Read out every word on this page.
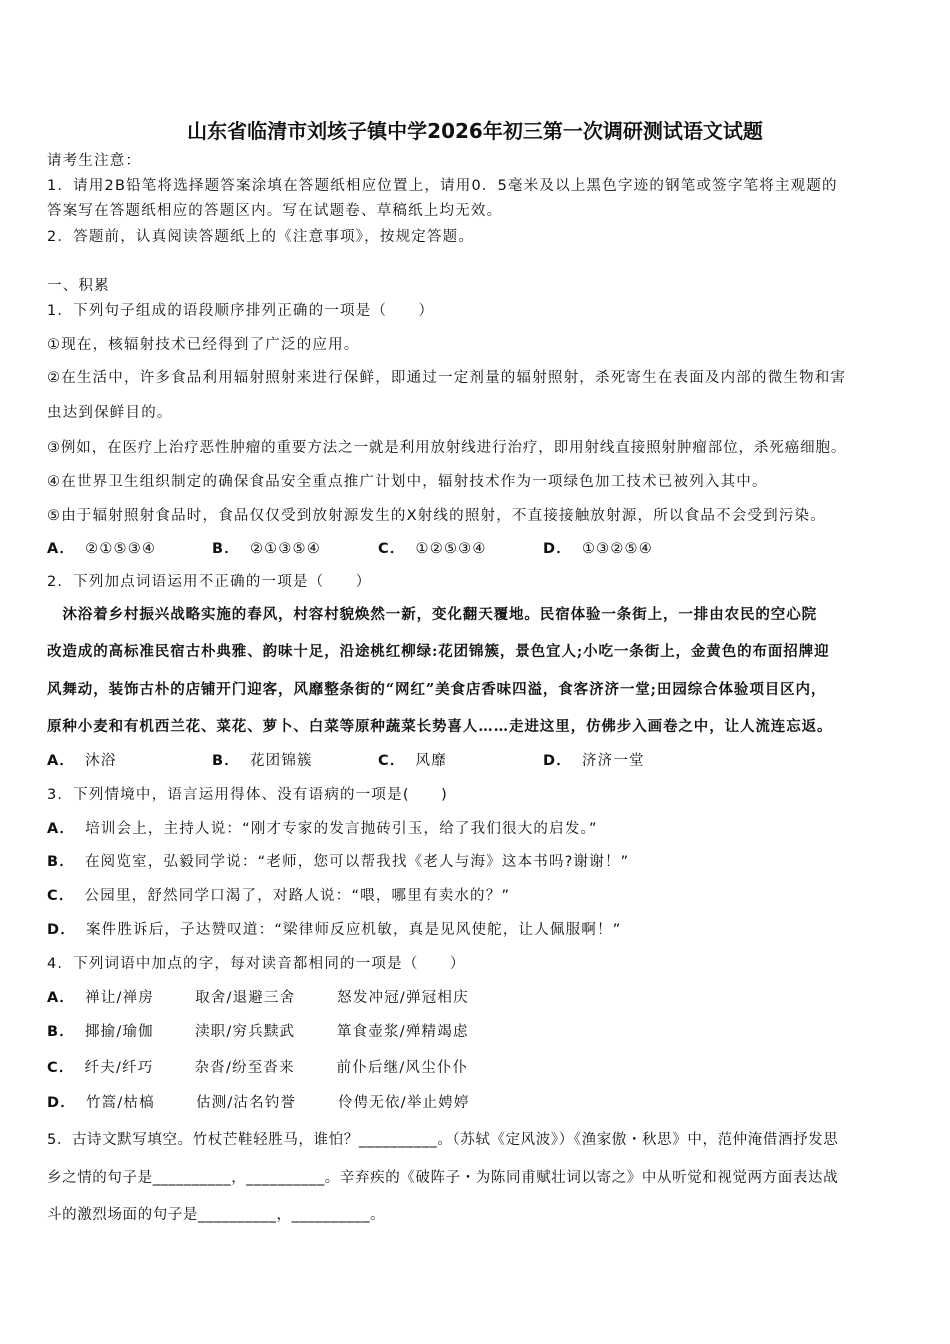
山东省临清市刘垓子镇中学2026年初三第一次调研测试语文试题
请考生注意：
1．请用2B铅笔将选择题答案涂填在答题纸相应位置上，请用0．5毫米及以上黑色字迹的钢笔或签字笔将主观题的
答案写在答题纸相应的答题区内。写在试题卷、草稿纸上均无效。
2．答题前，认真阅读答题纸上的《注意事项》，按规定答题。
一、积累
1．下列句子组成的语段顺序排列正确的一项是（　　）
①现在，核辐射技术已经得到了广泛的应用。
②在生活中，许多食品利用辐射照射来进行保鲜，即通过一定剂量的辐射照射，杀死寄生在表面及内部的微生物和害
虫达到保鲜目的。
③例如，在医疗上治疗恶性肿瘤的重要方法之一就是利用放射线进行治疗，即用射线直接照射肿瘤部位，杀死癌细胞。
④在世界卫生组织制定的确保食品安全重点推广计划中，辐射技术作为一项绿色加工技术已被列入其中。
⑤由于辐射照射食品时，食品仅仅受到放射源发生的X射线的照射，不直接接触放射源，所以食品不会受到污染。
A． ②①⑤③④	B． ②①③⑤④	C． ①②⑤③④	D． ①③②⑤④
2．下列加点词语运用不正确的一项是（　　）
　沐浴着乡村振兴战略实施的春风，村容村貌焕然一新，变化翻天覆地。民宿体验一条街上，一排由农民的空心院
改造成的高标准民宿古朴典雅、韵味十足，沿途桃红柳绿:花团锦簇，景色宜人;小吃一条街上，金黄色的布面招牌迎
风舞动，装饰古朴的店铺开门迎客，风靡整条街的“网红”美食店香味四溢，食客济济一堂;田园综合体验项目区内，
原种小麦和有机西兰花、菜花、萝卜、白菜等原种蔬菜长势喜人……走进这里，仿佛步入画卷之中，让人流连忘返。
A． 沐浴	B． 花团锦簇	C． 风靡	D． 济济一堂
3．下列情境中，语言运用得体、没有语病的一项是(　　)
A． 培训会上，主持人说：“刚才专家的发言抛砖引玉，给了我们很大的启发。”
B． 在阅览室，弘毅同学说：“老师，您可以帮我找《老人与海》这本书吗?谢谢！”
C． 公园里，舒然同学口渴了，对路人说：“喂，哪里有卖水的？”
D． 案件胜诉后，子达赞叹道：“梁律师反应机敏，真是见风使舵，让人佩服啊！”
4．下列词语中加点的字，每对读音都相同的一项是（　　）
A． 禅让/禅房	取舍/退避三舍	怒发冲冠/弹冠相庆
B． 揶揄/瑜伽	渎职/穷兵黩武	箪食壶浆/殚精竭虑
C． 纤夫/纤巧	杂沓/纷至沓来	前仆后继/风尘仆仆
D． 竹篙/枯槁	估测/沽名钓誉	伶俜无依/举止娉婷
5．古诗文默写填空。竹杖芒鞋轻胜马，谁怕？__________。（苏轼《定风波》）《渔家傲・秋思》中，范仲淹借酒抒发思
乡之情的句子是__________，__________。辛弃疾的《破阵子・为陈同甫赋壮词以寄之》中从听觉和视觉两方面表达战
斗的激烈场面的句子是__________，__________。
